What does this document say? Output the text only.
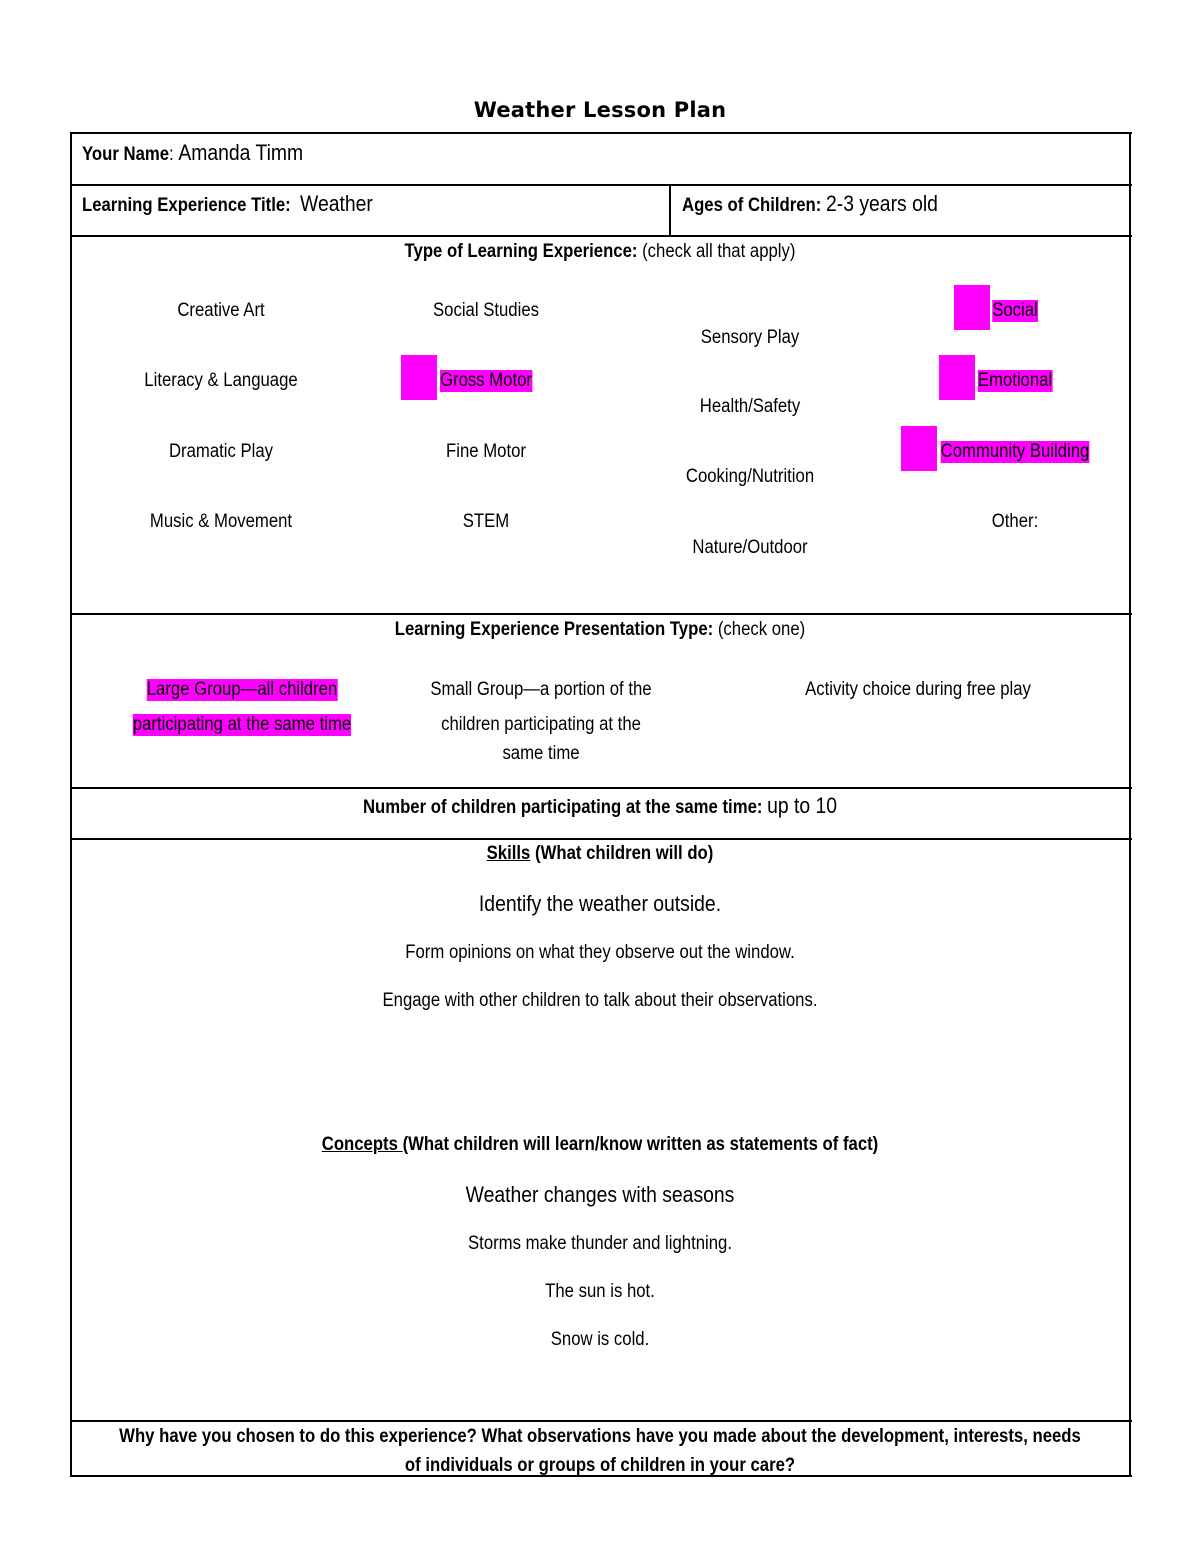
Weather Lesson Plan
Your Name: Amanda Timm
Learning Experience Title: Weather	Ages of Children: 2-3 years old
Type of Learning Experience: (check all that apply)
Creative Art
Literacy & Language
Dramatic Play
Music & Movement
Social Studies
Gross Motor
Fine Motor
STEM
Sensory Play
Health/Safety
Cooking/Nutrition
Nature/Outdoor
Social
Emotional
Community Building
Other:
Learning Experience Presentation Type: (check one)
Large Group—all children
participating at the same time
Small Group—a portion of the
children participating at the
same time
Activity choice during free play
Number of children participating at the same time: up to 10
Skills (What children will do)
Identify the weather outside.
Form opinions on what they observe out the window.
Engage with other children to talk about their observations.
Concepts (What children will learn/know written as statements of fact)
Weather changes with seasons
Storms make thunder and lightning.
The sun is hot.
Snow is cold.
Why have you chosen to do this experience? What observations have you made about the development, interests, needs
of individuals or groups of children in your care?
